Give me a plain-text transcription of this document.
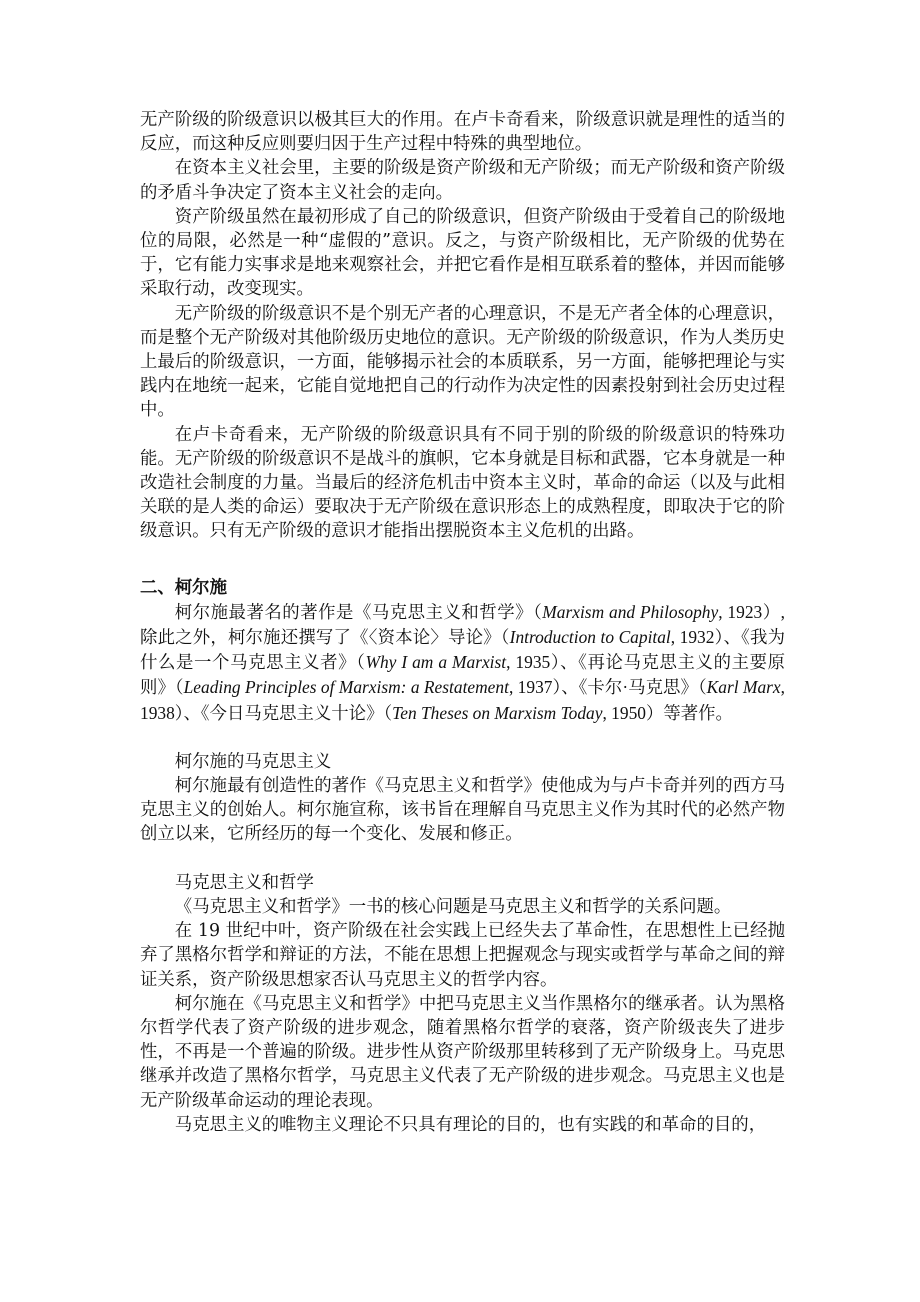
无产阶级的阶级意识以极其巨大的作用。在卢卡奇看来，阶级意识就是理性的适当的反应，而这种反应则要归因于生产过程中特殊的典型地位。

在资本主义社会里，主要的阶级是资产阶级和无产阶级；而无产阶级和资产阶级的矛盾斗争决定了资本主义社会的走向。

资产阶级虽然在最初形成了自己的阶级意识，但资产阶级由于受着自己的阶级地位的局限，必然是一种“虚假的”意识。反之，与资产阶级相比，无产阶级的优势在于，它有能力实事求是地来观察社会，并把它看作是相互联系着的整体，并因而能够采取行动，改变现实。

无产阶级的阶级意识不是个别无产者的心理意识，不是无产者全体的心理意识，而是整个无产阶级对其他阶级历史地位的意识。无产阶级的阶级意识，作为人类历史上最后的阶级意识，一方面，能够揭示社会的本质联系，另一方面，能够把理论与实践内在地统一起来，它能自觉地把自己的行动作为决定性的因素投射到社会历史过程中。

在卢卡奇看来，无产阶级的阶级意识具有不同于别的阶级的阶级意识的特殊功能。无产阶级的阶级意识不是战斗的旗帜，它本身就是目标和武器，它本身就是一种改造社会制度的力量。当最后的经济危机击中资本主义时，革命的命运（以及与此相关联的是人类的命运）要取决于无产阶级在意识形态上的成熟程度，即取决于它的阶级意识。只有无产阶级的意识才能指出摆脱资本主义危机的出路。

二、柯尔施

柯尔施最著名的著作是《马克思主义和哲学》（Marxism and Philosophy, 1923）,除此之外，柯尔施还撰写了《〈资本论〉导论》（Introduction to Capital, 1932）、《我为什么是一个马克思主义者》（Why I am a Marxist, 1935）、《再论马克思主义的主要原则》（Leading Principles of Marxism: a Restatement, 1937）、《卡尔·马克思》（Karl Marx, 1938）、《今日马克思主义十论》（Ten Theses on Marxism Today, 1950）等著作。

柯尔施的马克思主义

柯尔施最有创造性的著作《马克思主义和哲学》使他成为与卢卡奇并列的西方马克思主义的创始人。柯尔施宣称，该书旨在理解自马克思主义作为其时代的必然产物创立以来，它所经历的每一个变化、发展和修正。

马克思主义和哲学

《马克思主义和哲学》一书的核心问题是马克思主义和哲学的关系问题。

在 19 世纪中叶，资产阶级在社会实践上已经失去了革命性，在思想性上已经抛弃了黑格尔哲学和辩证的方法，不能在思想上把握观念与现实或哲学与革命之间的辩证关系，资产阶级思想家否认马克思主义的哲学内容。

柯尔施在《马克思主义和哲学》中把马克思主义当作黑格尔的继承者。认为黑格尔哲学代表了资产阶级的进步观念，随着黑格尔哲学的衰落，资产阶级丧失了进步性，不再是一个普遍的阶级。进步性从资产阶级那里转移到了无产阶级身上。马克思继承并改造了黑格尔哲学，马克思主义代表了无产阶级的进步观念。马克思主义也是无产阶级革命运动的理论表现。

马克思主义的唯物主义理论不只具有理论的目的，也有实践的和革命的目的，
